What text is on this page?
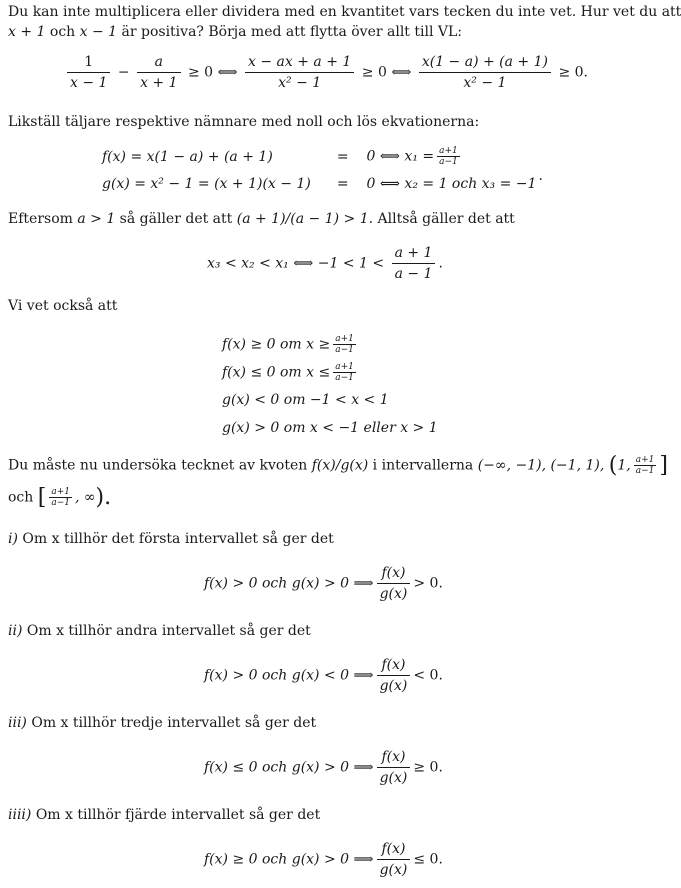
Du kan inte multiplicera eller dividera med en kvantitet vars tecken du inte vet. Hur vet du att
x + 1 och x − 1 är positiva? Börja med att flytta över allt till VL:
$\frac{1}{x - 1} - \frac{a}{x + 1} \ge 0$ ⟺ $\frac{x - ax + a + 1}{\text{x² − 1}} \ge 0$ ⟺ $\frac{x(1 - a) + (a + 1)}{\text{x² − 1}} \ge 0$.
Likställ täljare respektive nämnare med noll och lös ekvationerna:
f(x) = x(1 − a) + (a + 1)	=	0 ⟺ $x_1 = \frac{a+1}{a-1}$

g(x) = x² − 1 = (x + 1)(x − 1)	=	0 ⟺ x₂ = 1 och x₃ = −1 .
Eftersom a > 1 så gäller det att (a + 1)/(a − 1) > 1. Alltså gäller det att
x₃ < x₂ < x₁ ⟺ $-1 < 1 < \frac{a + 1}{a - 1}$ .
Vi vet också att
f(x) ≥ 0 om $x \ge \frac{a+1}{a-1}$

f(x) ≤ 0 om $x \le \frac{a+1}{a-1}$

g(x) < 0 om −1 < x < 1
g(x) > 0 om x < −1 eller x > 1
Du måste nu undersöka tecknet av kvoten f(x)/g(x) i intervallerna (−∞, −1), (−1, 1), (1, $\frac{a+1}{a-1}$ ]
och [ $\frac{a+1}{a-1}$ , ∞).
i) Om x tillhör det första intervallet så ger det
f(x) > 0 och g(x) > 0 ⟹ $\frac{f(x)}{g(x)} > 0$.
ii) Om x tillhör andra intervallet så ger det
f(x) > 0 och g(x) < 0 ⟹ $\frac{f(x)}{g(x)} < 0$.
iii) Om x tillhör tredje intervallet så ger det
f(x) ≤ 0 och g(x) > 0 ⟹ $\frac{f(x)}{g(x)} \ge 0$.
iiii) Om x tillhör fjärde intervallet så ger det
f(x) ≥ 0 och g(x) > 0 ⟹ $\frac{f(x)}{g(x)} \le 0$.
